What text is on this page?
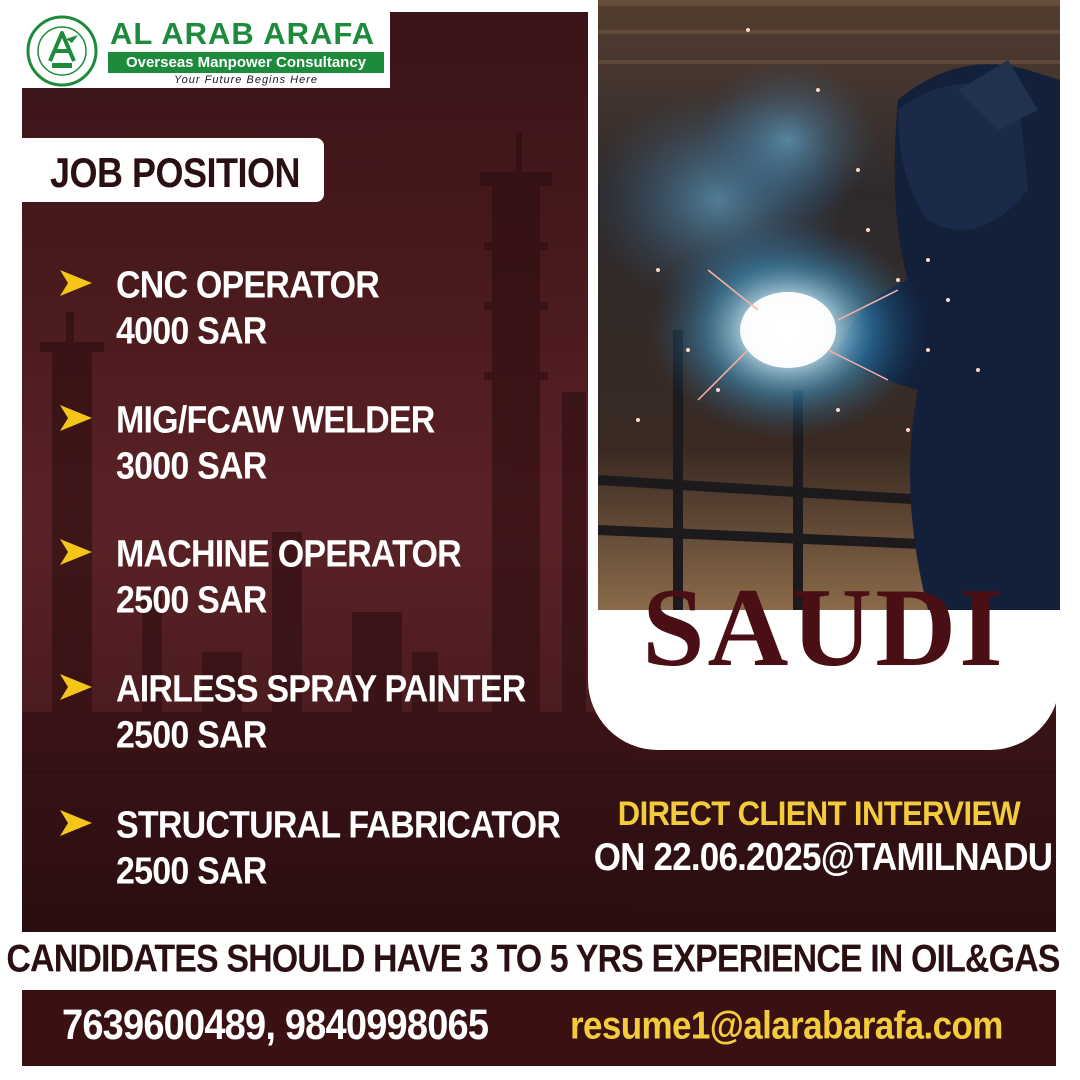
AL ARAB ARAFA
Overseas Manpower Consultancy
Your Future Begins Here
JOB POSITION
CNC OPERATOR
4000 SAR
MIG/FCAW WELDER
3000 SAR
MACHINE OPERATOR
2500 SAR
AIRLESS SPRAY PAINTER
2500 SAR
STRUCTURAL FABRICATOR
2500 SAR
SAUDI
DIRECT CLIENT INTERVIEW
ON 22.06.2025@TAMILNADU
CANDIDATES SHOULD HAVE 3 TO 5 YRS EXPERIENCE IN OIL&GAS
7639600489, 9840998065 resume1@alarabarafa.com
